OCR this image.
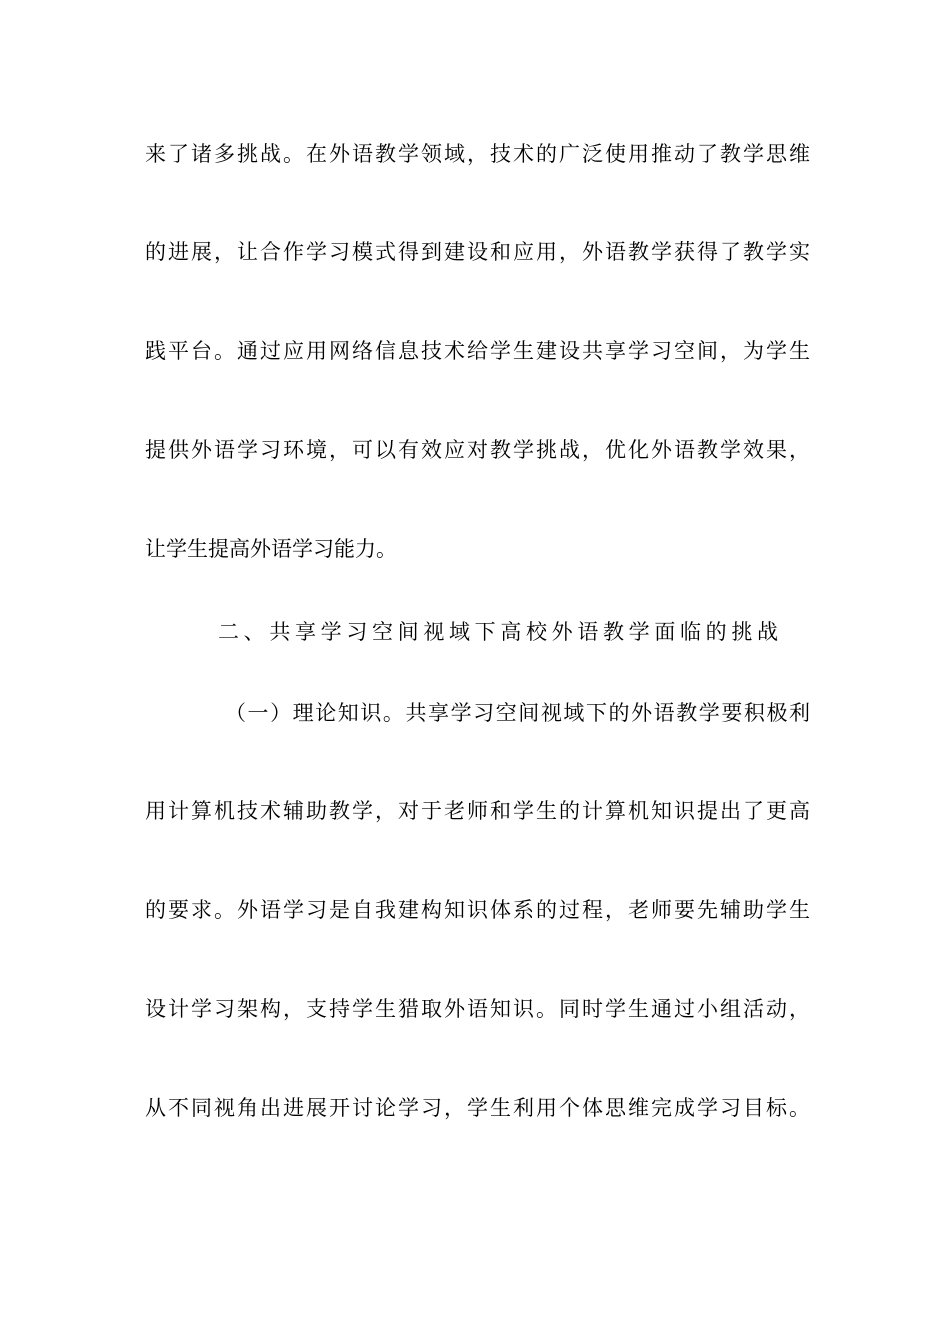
来了诸多挑战。在外语教学领域，技术的广泛使用推动了教学思维
的进展，让合作学习模式得到建设和应用，外语教学获得了教学实
践平台。通过应用网络信息技术给学生建设共享学习空间，为学生
提供外语学习环境，可以有效应对教学挑战，优化外语教学效果，
让学生提高外语学习能力。
二、共享学习空间视域下高校外语教学面临的挑战
（一）理论知识。共享学习空间视域下的外语教学要积极利
用计算机技术辅助教学，对于老师和学生的计算机知识提出了更高
的要求。外语学习是自我建构知识体系的过程，老师要先辅助学生
设计学习架构，支持学生猎取外语知识。同时学生通过小组活动，
从不同视角出进展开讨论学习，学生利用个体思维完成学习目标。
